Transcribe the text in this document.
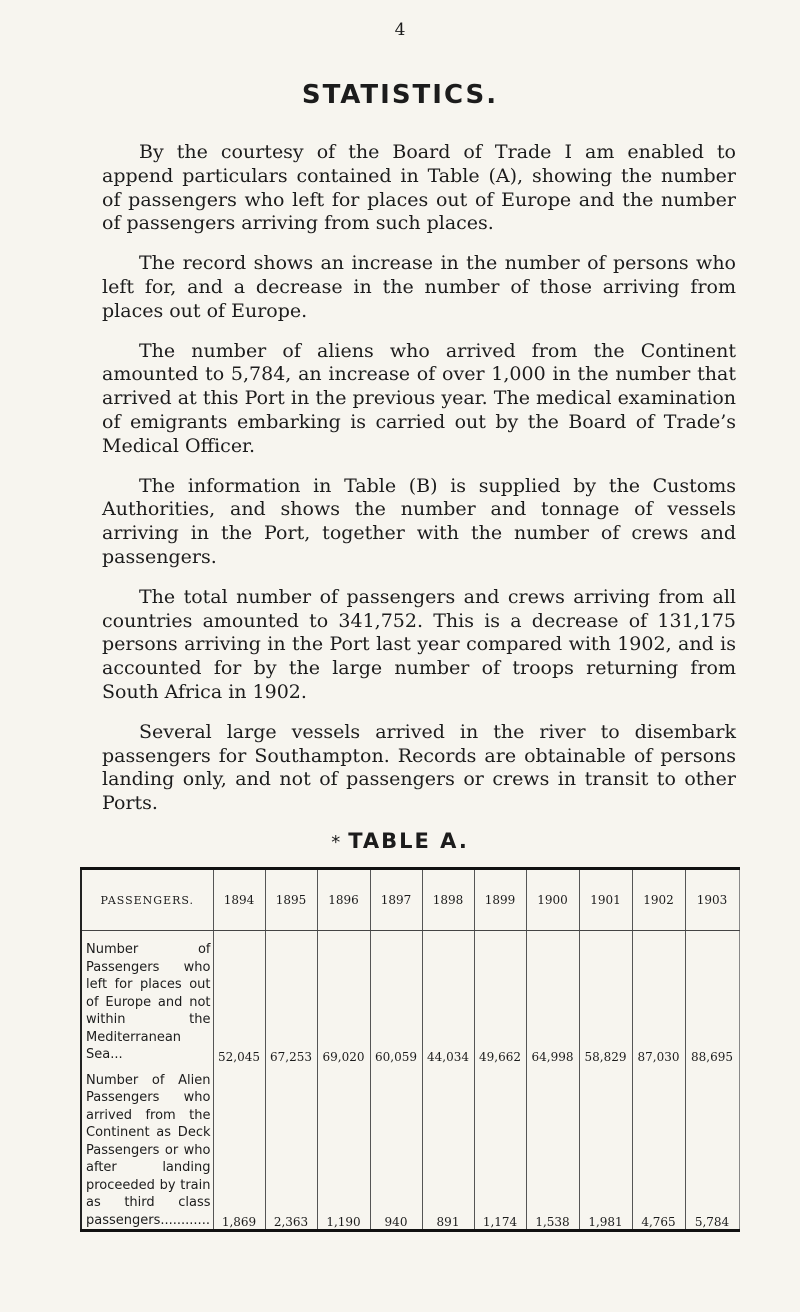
4
STATISTICS.

By the courtesy of the Board of Trade I am enabled to append particulars contained in Table (A), showing the number of passengers who left for places out of Europe and the number of passengers arriving from such places.

The record shows an increase in the number of persons who left for, and a decrease in the number of those arriving from places out of Europe.

The number of aliens who arrived from the Continent amounted to 5,784, an increase of over 1,000 in the number that arrived at this Port in the previous year. The medical examination of emigrants embarking is carried out by the Board of Trade’s Medical Officer.

The information in Table (B) is supplied by the Customs Authorities, and shows the number and tonnage of vessels arriving in the Port, together with the number of crews and passengers.

The total number of passengers and crews arriving from all countries amounted to 341,752. This is a decrease of 131,175 persons arriving in the Port last year compared with 1902, and is accounted for by the large number of troops returning from South Africa in 1902.

Several large vessels arrived in the river to disembark passengers for Southampton. Records are obtainable of persons landing only, and not of passengers or crews in transit to other Ports.

* TABLE A.
PASSENGERS.	1894	1895	1896	1897	1898	1899	1900	1901	1902	1903
Number of Passengers who left for places out of Europe and not within the Mediterranean Sea...	52,045	67,253	69,020	60,059	44,034	49,662	64,998	58,829	87,030	88,695
Number of Alien Passengers who arrived from the Continent as Deck Passengers or who after landing proceeded by train as third class passengers............	1,869	2,363	1,190	940	891	1,174	1,538	1,981	4,765	5,784
